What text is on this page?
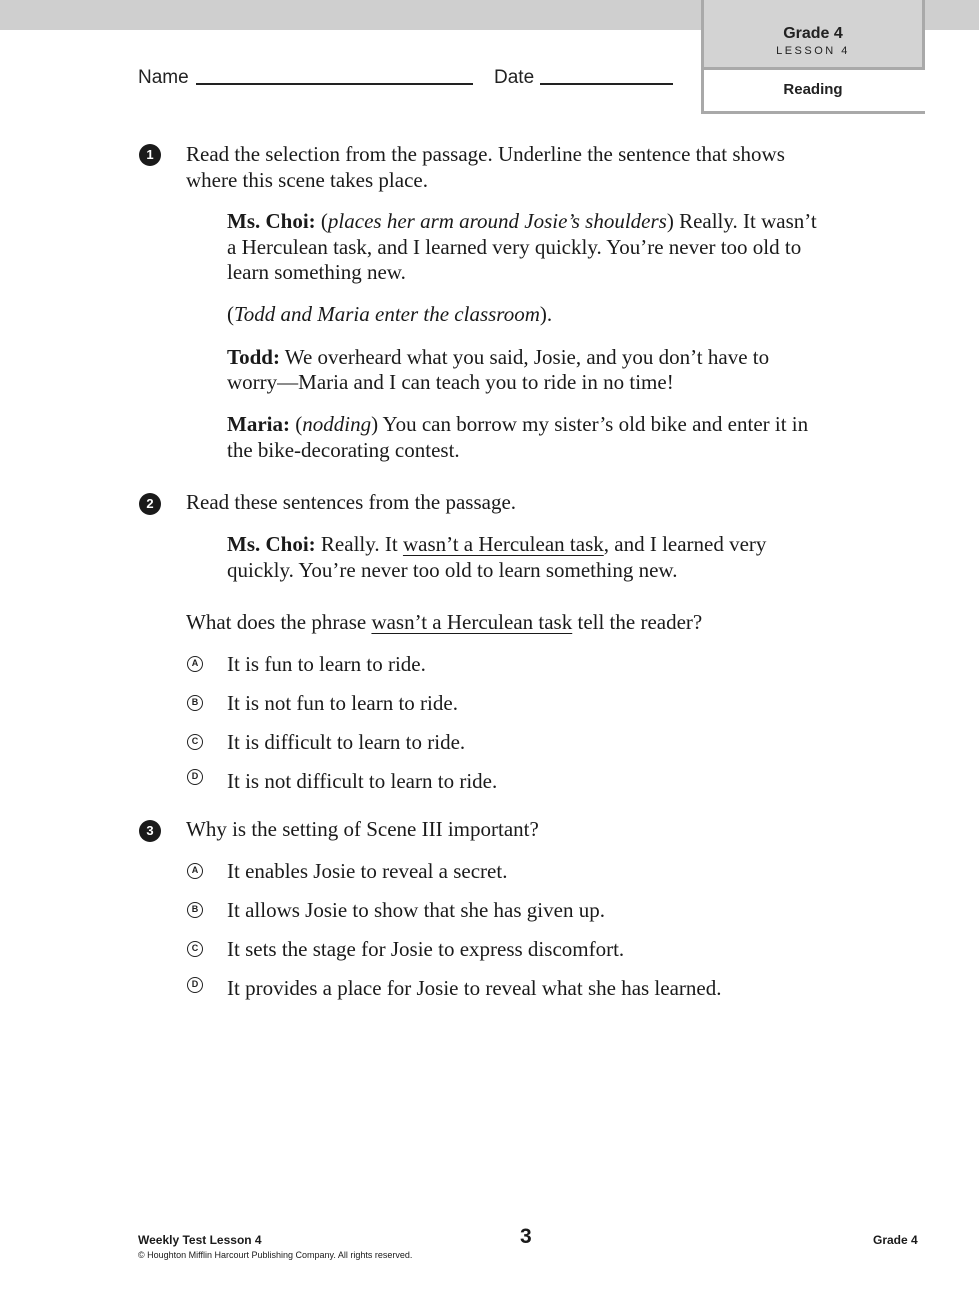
Grade 4
LESSON 4
Reading
Name	Date
1	Read the selection from the passage. Underline the sentence that shows
where this scene takes place.
Ms. Choi: (places her arm around Josie’s shoulders) Really. It wasn’t
a Herculean task, and I learned very quickly. You’re never too old to
learn something new.
(Todd and Maria enter the classroom).
Todd: We overheard what you said, Josie, and you don’t have to
worry—Maria and I can teach you to ride in no time!
Maria: (nodding) You can borrow my sister’s old bike and enter it in
the bike-decorating contest.
2	Read these sentences from the passage.
Ms. Choi: Really. It wasn’t a Herculean task, and I learned very
quickly. You’re never too old to learn something new.
What does the phrase wasn’t a Herculean task tell the reader?
A It is fun to learn to ride.
B It is not fun to learn to ride.
C It is difficult to learn to ride.
D It is not difficult to learn to ride.
3	Why is the setting of Scene III important?
A It enables Josie to reveal a secret.
B It allows Josie to show that she has given up.
C It sets the stage for Josie to express discomfort.
D It provides a place for Josie to reveal what she has learned.
Weekly Test Lesson 4
© Houghton Mifflin Harcourt Publishing Company. All rights reserved.
3	Grade 4
